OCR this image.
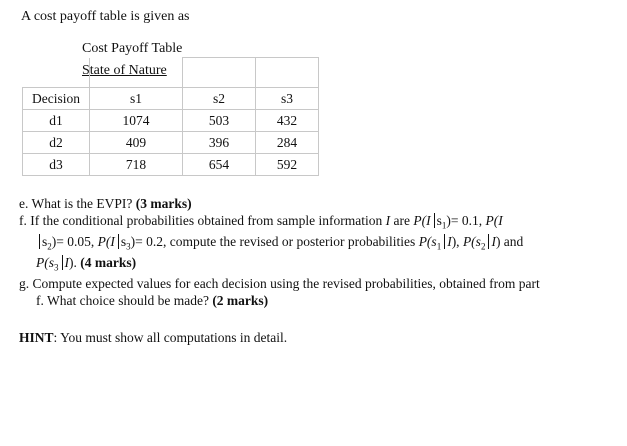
A cost payoff table is given as
Cost Payoff Table
State of Nature

Decision	s1	s2	s3
d1	1074	503	432
d2	409	396	284
d3	718	654	592

e. What is the EVPI? (3 marks)

f. If the conditional probabilities obtained from sample information I are P(I $s_1)= 0.1$, P(I
$s_2)= 0.05$, P(I $s_3)= 0.2$, compute the revised or posterior probabilities $P(s_1$ I), $P(s_2$ I) and
$P(s_3$ I). (4 marks)

g. Compute expected values for each decision using the revised probabilities, obtained from part
f. What choice should be made? (2 marks)

HINT: You must show all computations in detail.
